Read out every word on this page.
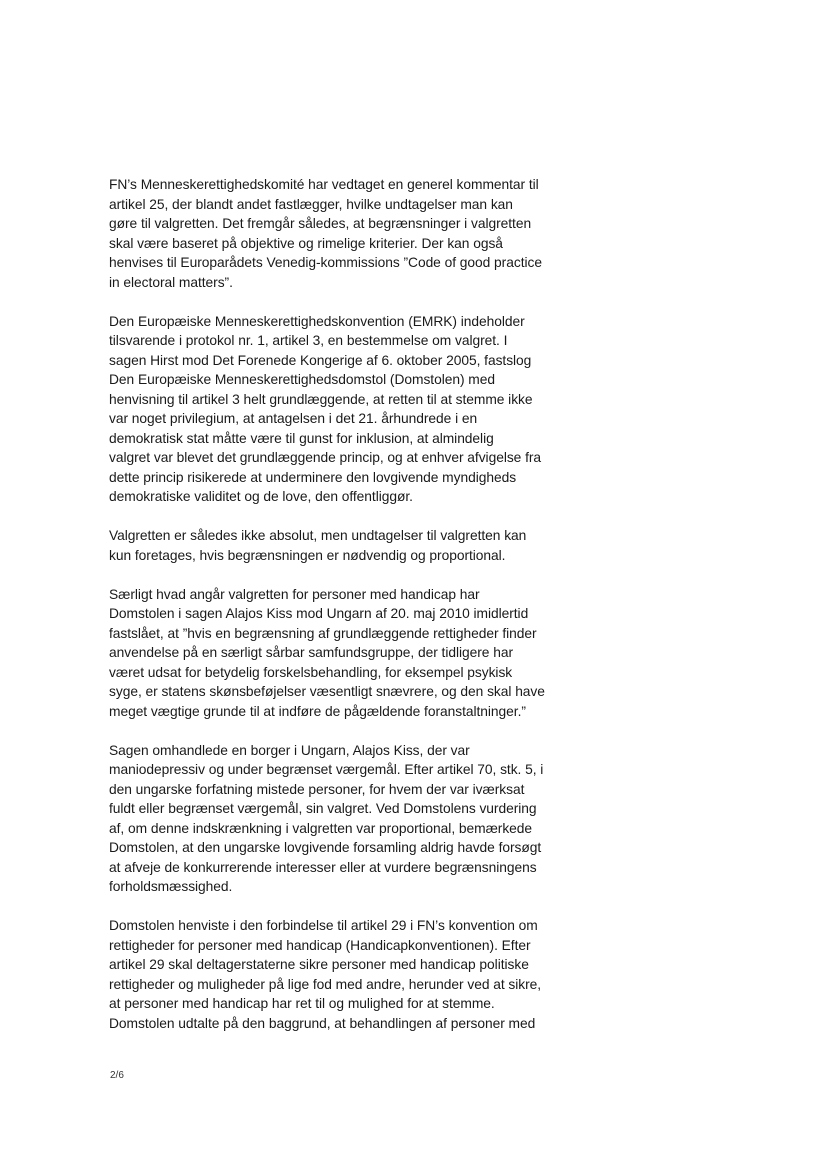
FN’s Menneskerettighedskomité har vedtaget en generel kommentar til
artikel 25, der blandt andet fastlægger, hvilke undtagelser man kan
gøre til valgretten. Det fremgår således, at begrænsninger i valgretten
skal være baseret på objektive og rimelige kriterier. Der kan også
henvises til Europarådets Venedig-kommissions ”Code of good practice
in electoral matters”.

Den Europæiske Menneskerettighedskonvention (EMRK) indeholder
tilsvarende i protokol nr. 1, artikel 3, en bestemmelse om valgret. I
sagen Hirst mod Det Forenede Kongerige af 6. oktober 2005, fastslog
Den Europæiske Menneskerettighedsdomstol (Domstolen) med
henvisning til artikel 3 helt grundlæggende, at retten til at stemme ikke
var noget privilegium, at antagelsen i det 21. århundrede i en
demokratisk stat måtte være til gunst for inklusion, at almindelig
valgret var blevet det grundlæggende princip, og at enhver afvigelse fra
dette princip risikerede at underminere den lovgivende myndigheds
demokratiske validitet og de love, den offentliggør.

Valgretten er således ikke absolut, men undtagelser til valgretten kan
kun foretages, hvis begrænsningen er nødvendig og proportional.

Særligt hvad angår valgretten for personer med handicap har
Domstolen i sagen Alajos Kiss mod Ungarn af 20. maj 2010 imidlertid
fastslået, at ”hvis en begrænsning af grundlæggende rettigheder finder
anvendelse på en særligt sårbar samfundsgruppe, der tidligere har
været udsat for betydelig forskelsbehandling, for eksempel psykisk
syge, er statens skønsbeføjelser væsentligt snævrere, og den skal have
meget vægtige grunde til at indføre de pågældende foranstaltninger.”

Sagen omhandlede en borger i Ungarn, Alajos Kiss, der var
maniodepressiv og under begrænset værgemål. Efter artikel 70, stk. 5, i
den ungarske forfatning mistede personer, for hvem der var iværksat
fuldt eller begrænset værgemål, sin valgret. Ved Domstolens vurdering
af, om denne indskrænkning i valgretten var proportional, bemærkede
Domstolen, at den ungarske lovgivende forsamling aldrig havde forsøgt
at afveje de konkurrerende interesser eller at vurdere begrænsningens
forholdsmæssighed.

Domstolen henviste i den forbindelse til artikel 29 i FN’s konvention om
rettigheder for personer med handicap (Handicapkonventionen). Efter
artikel 29 skal deltagerstaterne sikre personer med handicap politiske
rettigheder og muligheder på lige fod med andre, herunder ved at sikre,
at personer med handicap har ret til og mulighed for at stemme.
Domstolen udtalte på den baggrund, at behandlingen af personer med

2/6
